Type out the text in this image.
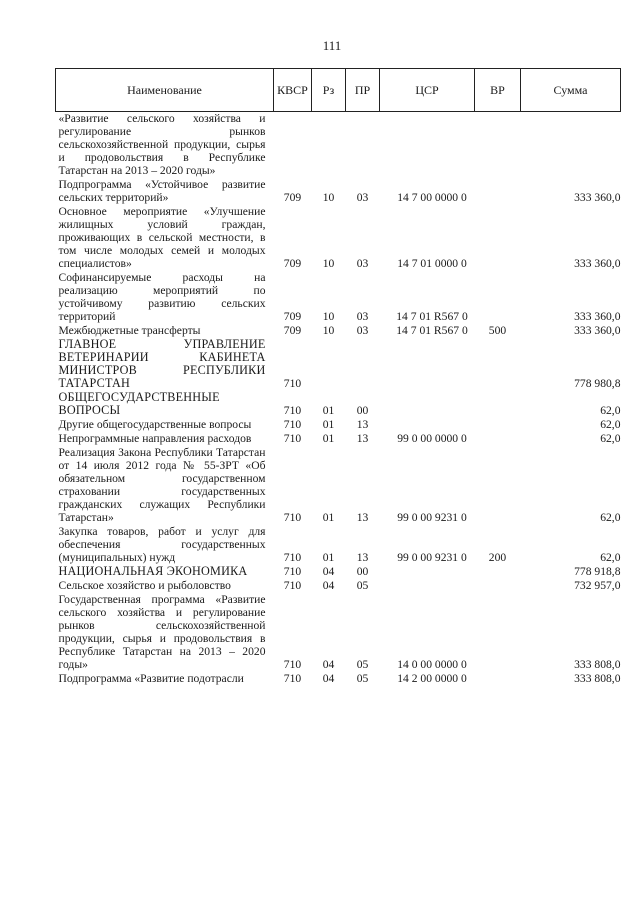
111
Наименование	КВСР	Рз	ПР	ЦСР	ВР	Сумма
«Развитие сельского хозяйства и регулирование рынков сельскохозяйственной продукции, сырья и продовольствия в Республике Татарстан на 2013 – 2020 годы»						
Подпрограмма «Устойчивое развитие сельских территорий»	709	10	03	14 7 00 0000 0		333 360,0
Основное мероприятие «Улучшение жилищных условий граждан, проживающих в сельской местности, в том числе молодых семей и молодых специалистов»	709	10	03	14 7 01 0000 0		333 360,0
Софинансируемые расходы на реализацию мероприятий по устойчивому развитию сельских территорий	709	10	03	14 7 01 R567 0		333 360,0
Межбюджетные трансферты	709	10	03	14 7 01 R567 0	500	333 360,0
ГЛАВНОЕ УПРАВЛЕНИЕ ВЕТЕРИНАРИИ КАБИНЕТА МИНИСТРОВ РЕСПУБЛИКИ ТАТАРСТАН	710					778 980,8
ОБЩЕГОСУДАРСТВЕННЫЕ ВОПРОСЫ	710	01	00			62,0
Другие общегосударственные вопросы	710	01	13			62,0
Непрограммные направления расходов	710	01	13	99 0 00 0000 0		62,0
Реализация Закона Республики Татарстан от 14 июля 2012 года № 55-ЗРТ «Об обязательном государственном страховании государственных гражданских служащих Республики Татарстан»	710	01	13	99 0 00 9231 0		62,0
Закупка товаров, работ и услуг для обеспечения государственных (муниципальных) нужд	710	01	13	99 0 00 9231 0	200	62,0
НАЦИОНАЛЬНАЯ ЭКОНОМИКА	710	04	00			778 918,8
Сельское хозяйство и рыболовство	710	04	05			732 957,0
Государственная программа «Развитие сельского хозяйства и регулирование рынков сельскохозяйственной продукции, сырья и продовольствия в Республике Татарстан на 2013 – 2020 годы»	710	04	05	14 0 00 0000 0		333 808,0
Подпрограмма «Развитие подотрасли	710	04	05	14 2 00 0000 0		333 808,0
